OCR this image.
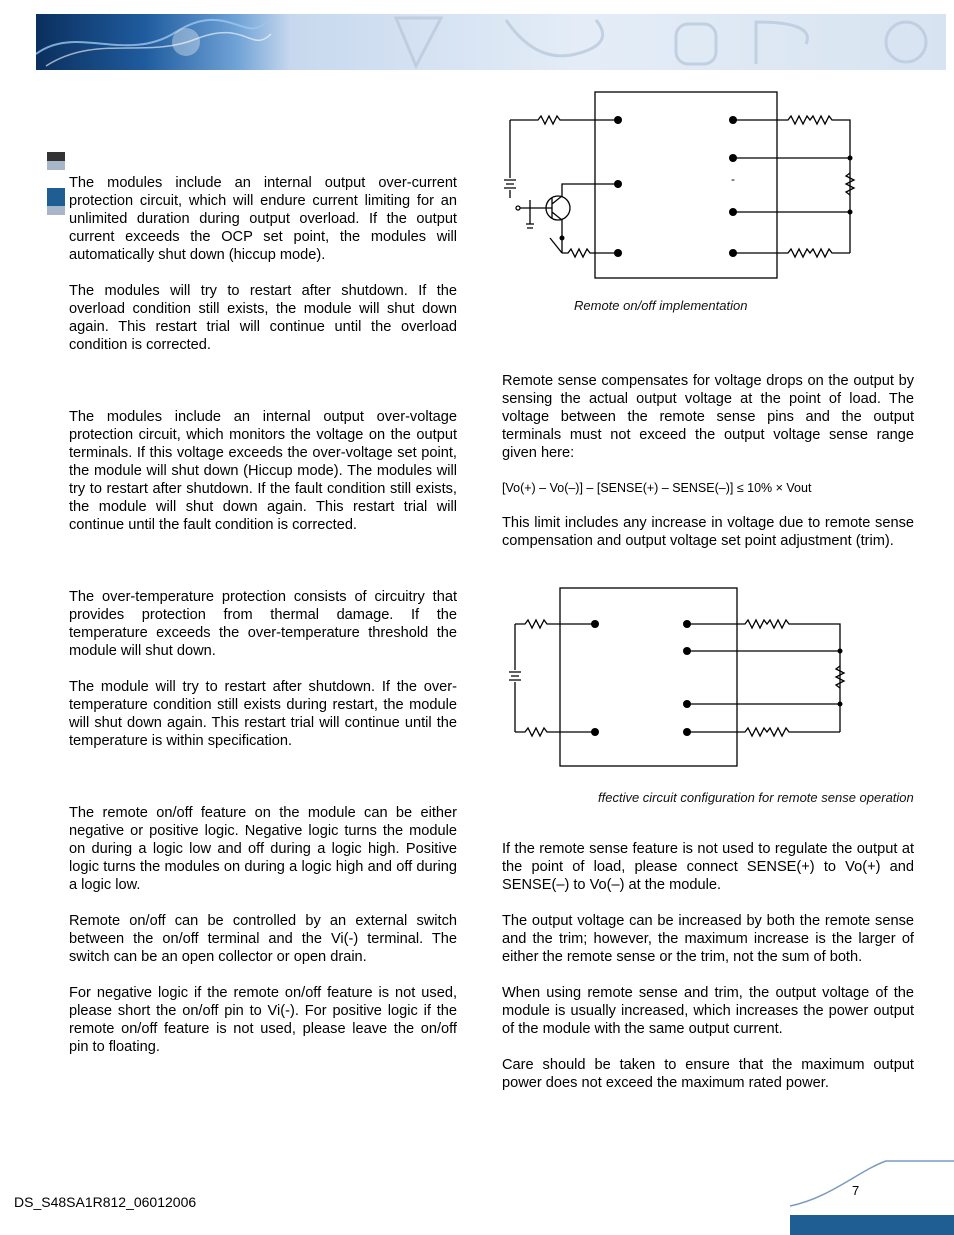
The modules include an internal output over-current protection circuit, which will endure current limiting for an unlimited duration during output overload. If the output current exceeds the OCP set point, the modules will automatically shut down (hiccup mode).

The modules will try to restart after shutdown. If the overload condition still exists, the module will shut down again. This restart trial will continue until the overload condition is corrected.

The modules include an internal output over-voltage protection circuit, which monitors the voltage on the output terminals. If this voltage exceeds the over-voltage set point, the module will shut down (Hiccup mode). The modules will try to restart after shutdown. If the fault condition still exists, the module will shut down again. This restart trial will continue until the fault condition is corrected.

The over-temperature protection consists of circuitry that provides protection from thermal damage. If the temperature exceeds the over-temperature threshold the module will shut down.

The module will try to restart after shutdown. If the over-temperature condition still exists during restart, the module will shut down again. This restart trial will continue until the temperature is within specification.

The remote on/off feature on the module can be either negative or positive logic. Negative logic turns the module on during a logic low and off during a logic high. Positive logic turns the modules on during a logic high and off during a logic low.

Remote on/off can be controlled by an external switch between the on/off terminal and the Vi(-) terminal. The switch can be an open collector or open drain.

For negative logic if the remote on/off feature is not used, please short the on/off pin to Vi(-). For positive logic if the remote on/off feature is not used, please leave the on/off pin to floating.

-
Remote on/off implementation

Remote sense compensates for voltage drops on the output by sensing the actual output voltage at the point of load. The voltage between the remote sense pins and the output terminals must not exceed the output voltage sense range given here:

[Vo(+) – Vo(–)] – [SENSE(+) – SENSE(–)] ≤ 10% × Vout

This limit includes any increase in voltage due to remote sense compensation and output voltage set point adjustment (trim).

ffective circuit configuration for remote sense operation

If the remote sense feature is not used to regulate the output at the point of load, please connect SENSE(+) to Vo(+) and SENSE(–) to Vo(–) at the module.

The output voltage can be increased by both the remote sense and the trim; however, the maximum increase is the larger of either the remote sense or the trim, not the sum of both.

When using remote sense and trim, the output voltage of the module is usually increased, which increases the power output of the module with the same output current.

Care should be taken to ensure that the maximum output power does not exceed the maximum rated power.

DS_S48SA1R812_06012006
7
